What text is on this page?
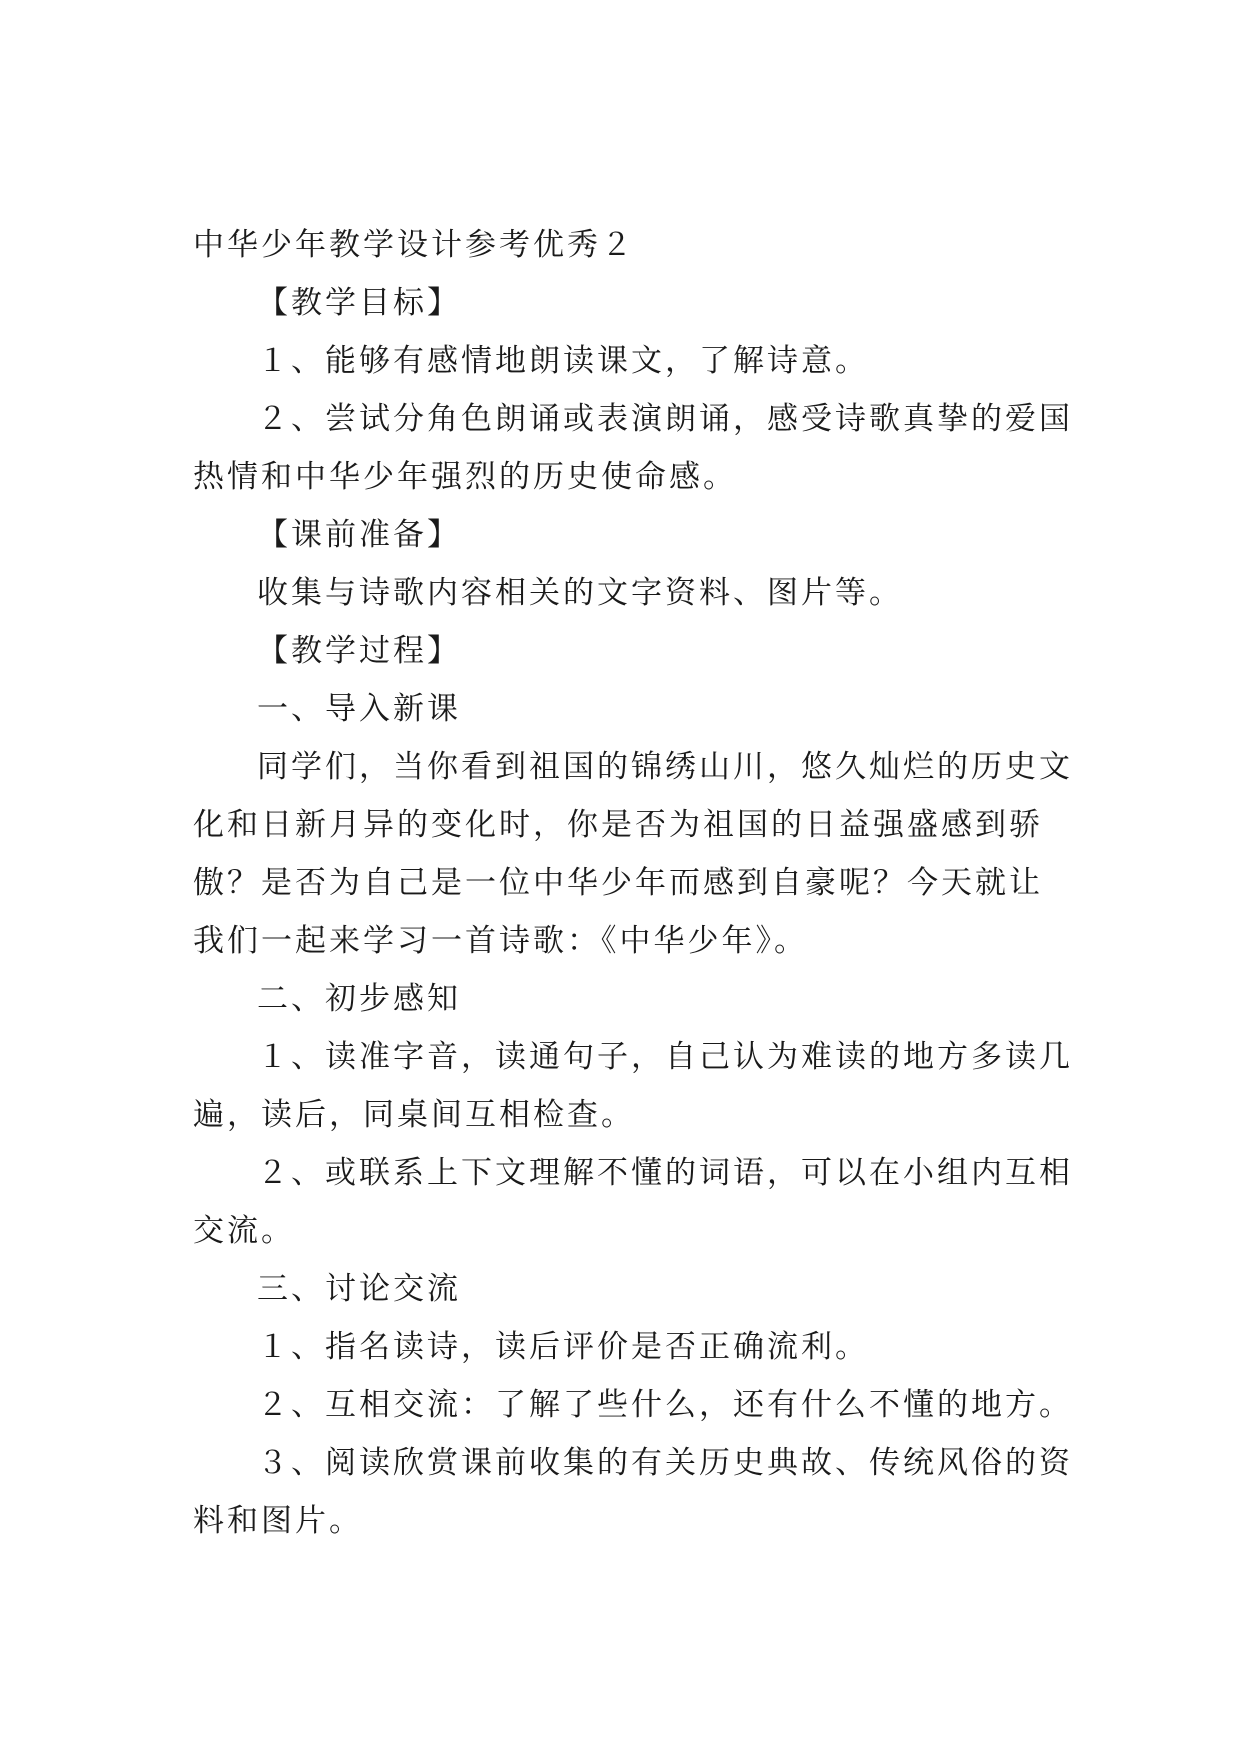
中华少年教学设计参考优秀２
【教学目标】
１、能够有感情地朗读课文，了解诗意。
２、尝试分角色朗诵或表演朗诵，感受诗歌真挚的爱国
热情和中华少年强烈的历史使命感。
【课前准备】
收集与诗歌内容相关的文字资料、图片等。
【教学过程】
一、导入新课
同学们，当你看到祖国的锦绣山川，悠久灿烂的历史文
化和日新月异的变化时，你是否为祖国的日益强盛感到骄
傲？是否为自己是一位中华少年而感到自豪呢？今天就让
我们一起来学习一首诗歌：《中华少年》。
二、初步感知
１、读准字音，读通句子，自己认为难读的地方多读几
遍，读后，同桌间互相检查。
２、或联系上下文理解不懂的词语，可以在小组内互相
交流。
三、讨论交流
１、指名读诗，读后评价是否正确流利。
２、互相交流：了解了些什么，还有什么不懂的地方。
３、阅读欣赏课前收集的有关历史典故、传统风俗的资
料和图片。
